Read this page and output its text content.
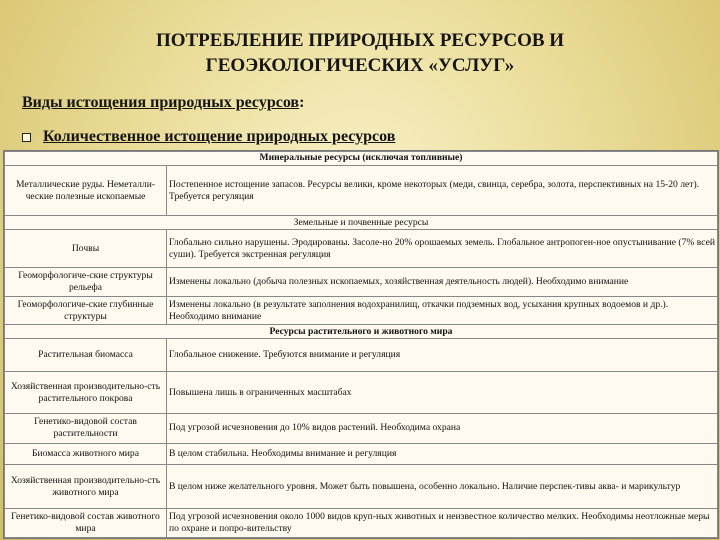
ПОТРЕБЛЕНИЕ ПРИРОДНЫХ РЕСУРСОВ И
ГЕОЭКОЛОГИЧЕСКИХ «УСЛУГ»
Виды истощения природных ресурсов:
Количественное истощение природных ресурсов
Минеральные ресурсы (исключая топливные)	
Металлические руды. Неметалли-ческие полезные ископаемые	Постепенное истощение запасов. Ресурсы велики, кроме некоторых (меди, свинца, серебра, золота, перспективных на 15-20 лет). Требуется регуляция
Земельные и почвенные ресурсы	
Почвы	Глобально сильно нарушены. Эродированы. Засоле-но 20% орошаемых земель. Глобальное антропоген-ное опустынивание (7% всей суши). Требуется экстренная регуляция
Геоморфологиче-ские структуры рельефа	Изменены локально (добыча полезных ископаемых, хозяйственная деятельность людей). Необходимо внимание
Геоморфологиче-ские глубинные структуры	Изменены локально (в результате заполнения водохранилищ, откачки подземных вод, усыхания крупных водоемов и др.). Необходимо внимание
Ресурсы растительного и животного мира	
Растительная биомасса	Глобальное снижение. Требуются внимание и регуляция
Хозяйственная производительно-сть растительного покрова	Повышена лишь в ограниченных масштабах
Генетико-видовой состав растительности	Под угрозой исчезновения до 10% видов растений. Необходима охрана
Биомасса животного мира	В целом стабильна. Необходимы внимание и регуляция
Хозяйственная производительно-сть животного мира	В целом ниже желательного уровня. Может быть повышена, особенно локально. Наличие перспек-тивы аква- и марикультур
Генетико-видовой состав животного мира	Под угрозой исчезновения около 1000 видов круп-ных животных и неизвестное количество мелких. Необходимы неотложные меры по охране и попро-вительству
